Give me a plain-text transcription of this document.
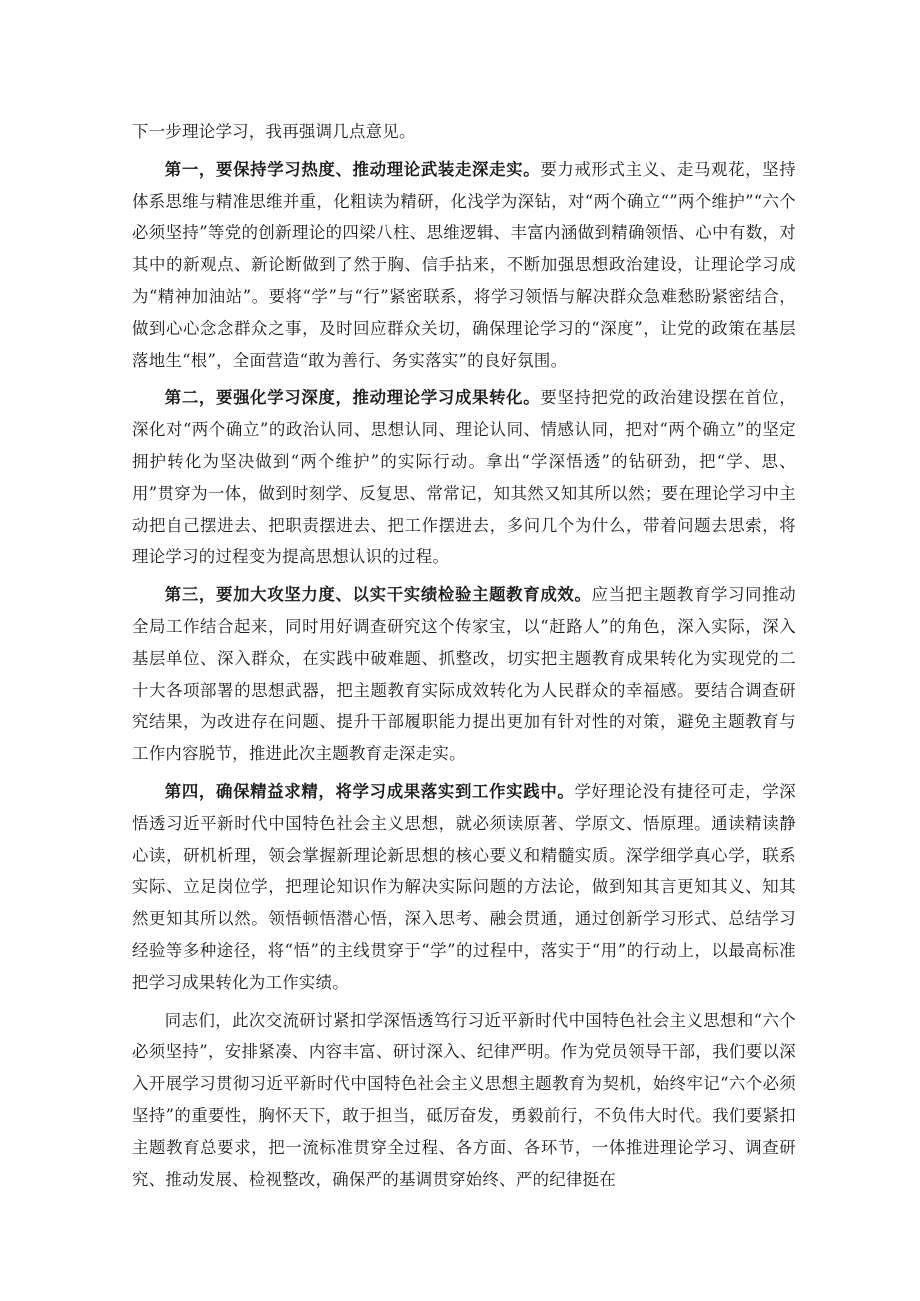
下一步理论学习，我再强调几点意见。

第一，要保持学习热度、推动理论武装走深走实。要力戒形式主义、走马观花，坚持体系思维与精准思维并重，化粗读为精研，化浅学为深钻，对“两个确立“”两个维护”“六个必须坚持”等党的创新理论的四梁八柱、思维逻辑、丰富内涵做到精确领悟、心中有数，对其中的新观点、新论断做到了然于胸、信手拈来，不断加强思想政治建设，让理论学习成为“精神加油站”。要将“学”与“行”紧密联系，将学习领悟与解决群众急难愁盼紧密结合，做到心心念念群众之事，及时回应群众关切，确保理论学习的“深度”，让党的政策在基层落地生“根”，全面营造“敢为善行、务实落实”的良好氛围。

第二，要强化学习深度，推动理论学习成果转化。要坚持把党的政治建设摆在首位，深化对“两个确立”的政治认同、思想认同、理论认同、情感认同，把对“两个确立”的坚定拥护转化为坚决做到“两个维护”的实际行动。拿出“学深悟透”的钻研劲，把“学、思、用”贯穿为一体，做到时刻学、反复思、常常记，知其然又知其所以然；要在理论学习中主动把自己摆进去、把职责摆进去、把工作摆进去，多问几个为什么，带着问题去思索，将理论学习的过程变为提高思想认识的过程。

第三，要加大攻坚力度、以实干实绩检验主题教育成效。应当把主题教育学习同推动全局工作结合起来，同时用好调查研究这个传家宝，以“赶路人”的角色，深入实际，深入基层单位、深入群众，在实践中破难题、抓整改，切实把主题教育成果转化为实现党的二十大各项部署的思想武器，把主题教育实际成效转化为人民群众的幸福感。要结合调查研究结果，为改进存在问题、提升干部履职能力提出更加有针对性的对策，避免主题教育与工作内容脱节，推进此次主题教育走深走实。

第四，确保精益求精，将学习成果落实到工作实践中。学好理论没有捷径可走，学深悟透习近平新时代中国特色社会主义思想，就必须读原著、学原文、悟原理。通读精读静心读，研机析理，领会掌握新理论新思想的核心要义和精髓实质。深学细学真心学，联系实际、立足岗位学，把理论知识作为解决实际问题的方法论，做到知其言更知其义、知其然更知其所以然。领悟顿悟潜心悟，深入思考、融会贯通，通过创新学习形式、总结学习经验等多种途径，将“悟”的主线贯穿于“学”的过程中，落实于“用”的行动上，以最高标准把学习成果转化为工作实绩。

同志们，此次交流研讨紧扣学深悟透笃行习近平新时代中国特色社会主义思想和“六个必须坚持”，安排紧凑、内容丰富、研讨深入、纪律严明。作为党员领导干部，我们要以深入开展学习贯彻习近平新时代中国特色社会主义思想主题教育为契机，始终牢记“六个必须坚持”的重要性，胸怀天下，敢于担当，砥厉奋发，勇毅前行，不负伟大时代。我们要紧扣主题教育总要求，把一流标准贯穿全过程、各方面、各环节，一体推进理论学习、调查研究、推动发展、检视整改，确保严的基调贯穿始终、严的纪律挺在
